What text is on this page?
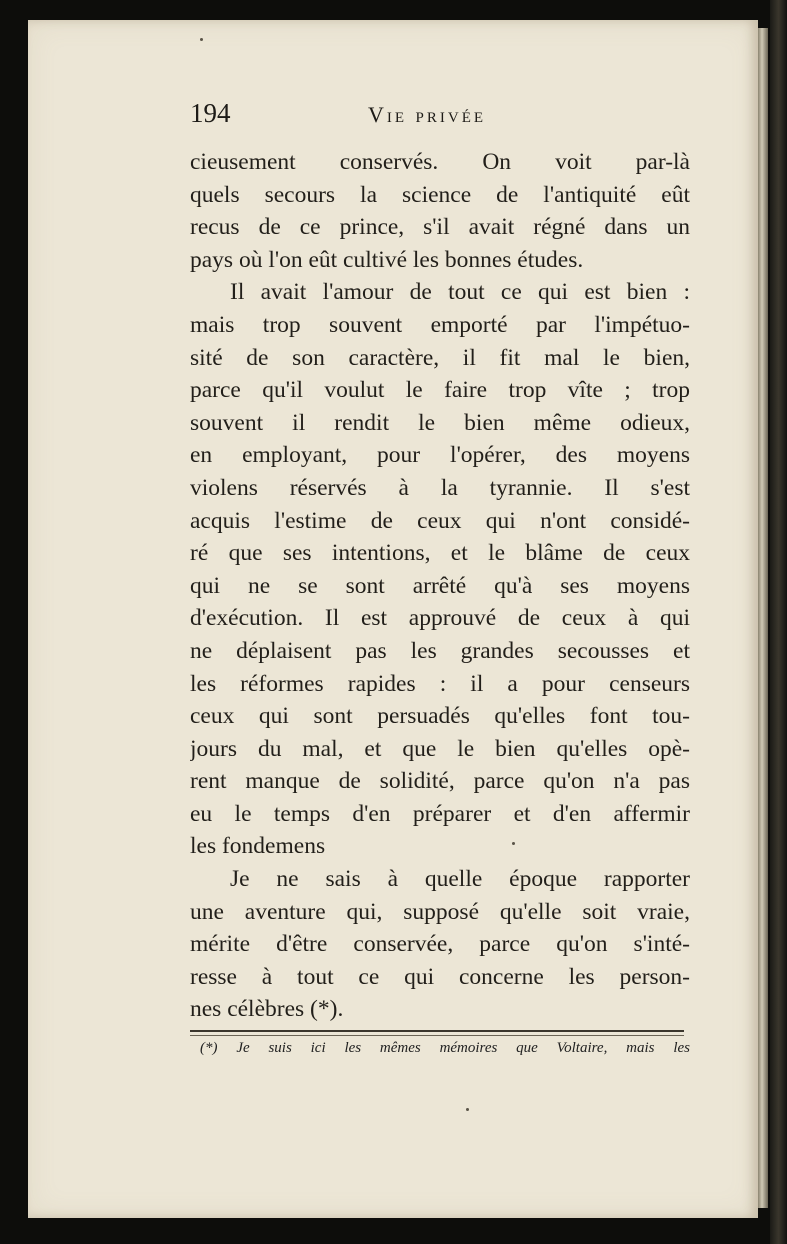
194	Vie privée
cieusement conservés. On voit par-là
quels secours la science de l'antiquité eût
recus de ce prince, s'il avait régné dans un
pays où l'on eût cultivé les bonnes études.
Il avait l'amour de tout ce qui est bien :
mais trop souvent emporté par l'impétuo-
sité de son caractère, il fit mal le bien,
parce qu'il voulut le faire trop vîte ; trop
souvent il rendit le bien même odieux,
en employant, pour l'opérer, des moyens
violens réservés à la tyrannie. Il s'est
acquis l'estime de ceux qui n'ont considé-
ré que ses intentions, et le blâme de ceux
qui ne se sont arrêté qu'à ses moyens
d'exécution. Il est approuvé de ceux à qui
ne déplaisent pas les grandes secousses et
les réformes rapides : il a pour censeurs
ceux qui sont persuadés qu'elles font tou-
jours du mal, et que le bien qu'elles opè-
rent manque de solidité, parce qu'on n'a pas
eu le temps d'en préparer et d'en affermir
les fondemens
Je ne sais à quelle époque rapporter
une aventure qui, supposé qu'elle soit vraie,
mérite d'être conservée, parce qu'on s'inté-
resse à tout ce qui concerne les person-
nes célèbres (*).
(*) Je suis ici les mêmes mémoires que Voltaire, mais les
